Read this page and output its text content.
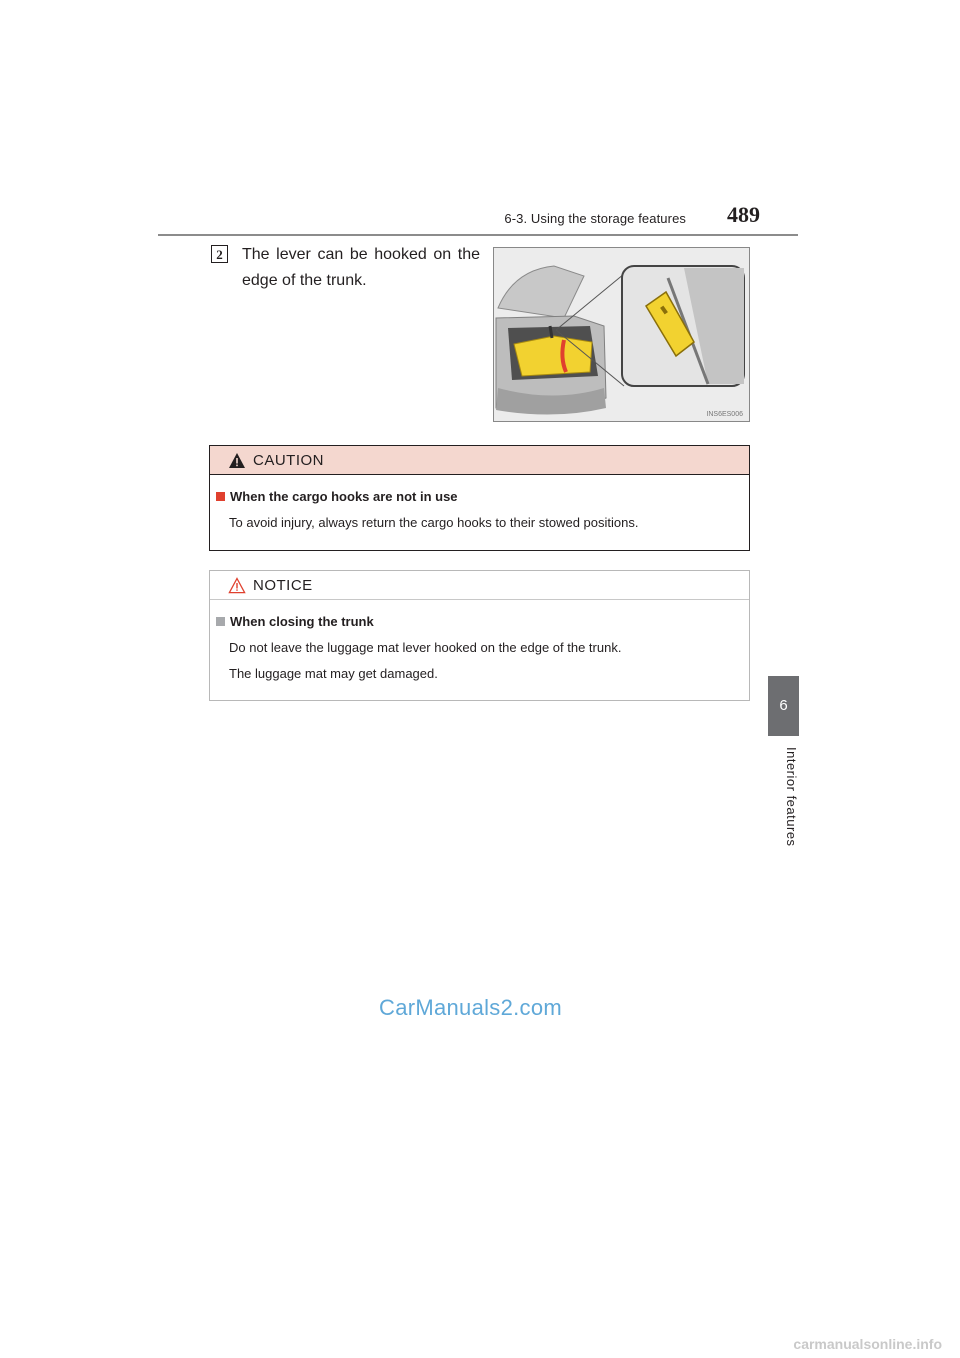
6-3. Using the storage features 489
6
Interior features
2	The lever can be hooked on the edge of the trunk.
INS6ES006
CAUTION
When the cargo hooks are not in use
To avoid injury, always return the cargo hooks to their stowed positions.
NOTICE
When closing the trunk
Do not leave the luggage mat lever hooked on the edge of the trunk.
The luggage mat may get damaged.
CarManuals2.com
carmanualsonline.info
